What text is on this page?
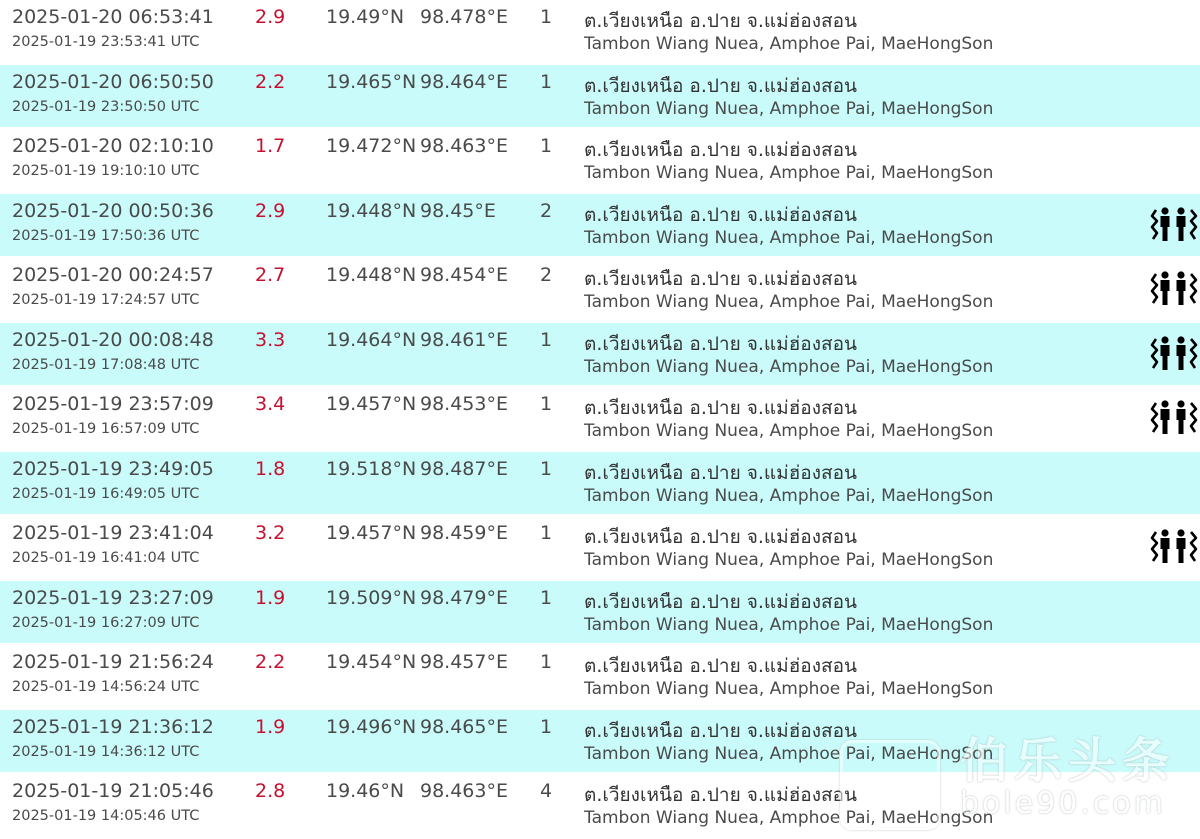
2025-01-20 06:53:41
2025-01-19 23:53:41 UTC
2.9 19.49°N 98.478°E 1 ต.เวียงเหนือ อ.ปาย จ.แม่ฮ่องสอน
Tambon Wiang Nuea, Amphoe Pai, MaeHongSon
2025-01-20 06:50:50
2025-01-19 23:50:50 UTC
2.2 19.465°N 98.464°E 1 ต.เวียงเหนือ อ.ปาย จ.แม่ฮ่องสอน
Tambon Wiang Nuea, Amphoe Pai, MaeHongSon
2025-01-20 02:10:10
2025-01-19 19:10:10 UTC
1.7 19.472°N 98.463°E 1 ต.เวียงเหนือ อ.ปาย จ.แม่ฮ่องสอน
Tambon Wiang Nuea, Amphoe Pai, MaeHongSon
2025-01-20 00:50:36
2025-01-19 17:50:36 UTC
2.9 19.448°N 98.45°E 2 ต.เวียงเหนือ อ.ปาย จ.แม่ฮ่องสอน
Tambon Wiang Nuea, Amphoe Pai, MaeHongSon
2025-01-20 00:24:57
2025-01-19 17:24:57 UTC
2.7 19.448°N 98.454°E 2 ต.เวียงเหนือ อ.ปาย จ.แม่ฮ่องสอน
Tambon Wiang Nuea, Amphoe Pai, MaeHongSon
2025-01-20 00:08:48
2025-01-19 17:08:48 UTC
3.3 19.464°N 98.461°E 1 ต.เวียงเหนือ อ.ปาย จ.แม่ฮ่องสอน
Tambon Wiang Nuea, Amphoe Pai, MaeHongSon
2025-01-19 23:57:09
2025-01-19 16:57:09 UTC
3.4 19.457°N 98.453°E 1 ต.เวียงเหนือ อ.ปาย จ.แม่ฮ่องสอน
Tambon Wiang Nuea, Amphoe Pai, MaeHongSon
2025-01-19 23:49:05
2025-01-19 16:49:05 UTC
1.8 19.518°N 98.487°E 1 ต.เวียงเหนือ อ.ปาย จ.แม่ฮ่องสอน
Tambon Wiang Nuea, Amphoe Pai, MaeHongSon
2025-01-19 23:41:04
2025-01-19 16:41:04 UTC
3.2 19.457°N 98.459°E 1 ต.เวียงเหนือ อ.ปาย จ.แม่ฮ่องสอน
Tambon Wiang Nuea, Amphoe Pai, MaeHongSon
2025-01-19 23:27:09
2025-01-19 16:27:09 UTC
1.9 19.509°N 98.479°E 1 ต.เวียงเหนือ อ.ปาย จ.แม่ฮ่องสอน
Tambon Wiang Nuea, Amphoe Pai, MaeHongSon
2025-01-19 21:56:24
2025-01-19 14:56:24 UTC
2.2 19.454°N 98.457°E 1 ต.เวียงเหนือ อ.ปาย จ.แม่ฮ่องสอน
Tambon Wiang Nuea, Amphoe Pai, MaeHongSon
2025-01-19 21:36:12
2025-01-19 14:36:12 UTC
1.9 19.496°N 98.465°E 1 ต.เวียงเหนือ อ.ปาย จ.แม่ฮ่องสอน
Tambon Wiang Nuea, Amphoe Pai, MaeHongSon
2025-01-19 21:05:46
2025-01-19 14:05:46 UTC
2.8 19.46°N 98.463°E 4 ต.เวียงเหนือ อ.ปาย จ.แม่ฮ่องสอน
Tambon Wiang Nuea, Amphoe Pai, MaeHongSon
伯乐头条
bole90.com
